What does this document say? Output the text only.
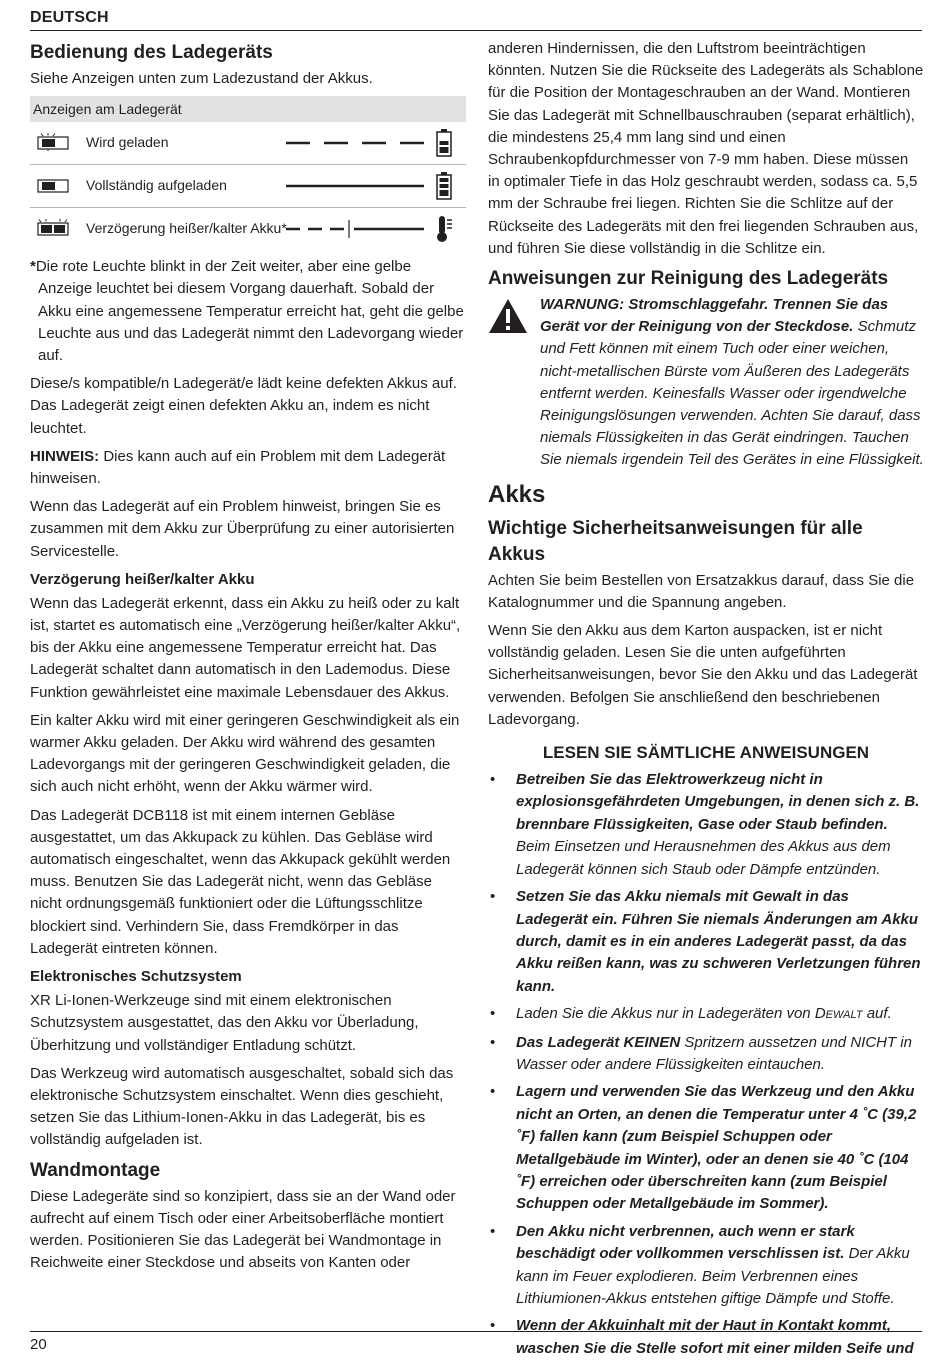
DEUTSCH
Bedienung des Ladegeräts

Siehe Anzeigen unten zum Ladezustand der Akkus.

Anzeigen am Ladegerät
Wird geladen
Vollständig aufgeladen
Verzögerung heißer/kalter Akku*
*Die rote Leuchte blinkt in der Zeit weiter, aber eine gelbe Anzeige leuchtet bei diesem Vorgang dauerhaft. Sobald der Akku eine angemessene Temperatur erreicht hat, geht die gelbe Leuchte aus und das Ladegerät nimmt den Ladevorgang wieder auf.

Diese/s kompatible/n Ladegerät/e lädt keine defekten Akkus auf. Das Ladegerät zeigt einen defekten Akku an, indem es nicht leuchtet.

HINWEIS: Dies kann auch auf ein Problem mit dem Ladegerät hinweisen.

Wenn das Ladegerät auf ein Problem hinweist, bringen Sie es zusammen mit dem Akku zur Überprüfung zu einer autorisierten Servicestelle.

Verzögerung heißer/kalter Akku

Wenn das Ladegerät erkennt, dass ein Akku zu heiß oder zu kalt ist, startet es automatisch eine „Verzögerung heißer/kalter Akku“, bis der Akku eine angemessene Temperatur erreicht hat. Das Ladegerät schaltet dann automatisch in den Lademodus. Diese Funktion gewährleistet eine maximale Lebensdauer des Akkus.

Ein kalter Akku wird mit einer geringeren Geschwindigkeit als ein warmer Akku geladen. Der Akku wird während des gesamten Ladevorgangs mit der geringeren Geschwindigkeit geladen, die sich auch nicht erhöht, wenn der Akku wärmer wird.

Das Ladegerät DCB118 ist mit einem internen Gebläse ausgestattet, um das Akkupack zu kühlen. Das Gebläse wird automatisch eingeschaltet, wenn das Akkupack gekühlt werden muss. Benutzen Sie das Ladegerät nicht, wenn das Gebläse nicht ordnungsgemäß funktioniert oder die Lüftungsschlitze blockiert sind. Verhindern Sie, dass Fremdkörper in das Ladegerät eintreten können.

Elektronisches Schutzsystem

XR Li-Ionen-Werkzeuge sind mit einem elektronischen Schutzsystem ausgestattet, das den Akku vor Überladung, Überhitzung und vollständiger Entladung schützt.

Das Werkzeug wird automatisch ausgeschaltet, sobald sich das elektronische Schutzsystem einschaltet. Wenn dies geschieht, setzen Sie das Lithium-Ionen-Akku in das Ladegerät, bis es vollständig aufgeladen ist.

Wandmontage

Diese Ladegeräte sind so konzipiert, dass sie an der Wand oder aufrecht auf einem Tisch oder einer Arbeitsoberfläche montiert werden. Positionieren Sie das Ladegerät bei Wandmontage in Reichweite einer Steckdose und abseits von Kanten oder

anderen Hindernissen, die den Luftstrom beeinträchtigen könnten. Nutzen Sie die Rückseite des Ladegeräts als Schablone für die Position der Montageschrauben an der Wand. Montieren Sie das Ladegerät mit Schnellbauschrauben (separat erhältlich), die mindestens 25,4 mm lang sind und einen Schraubenkopfdurchmesser von 7-9 mm haben. Diese müssen in optimaler Tiefe in das Holz geschraubt werden, sodass ca. 5,5 mm der Schraube frei liegen. Richten Sie die Schlitze auf der Rückseite des Ladegeräts mit den frei liegenden Schrauben aus, und führen Sie diese vollständig in die Schlitze ein.

Anweisungen zur Reinigung des Ladegeräts
WARNUNG: Stromschlaggefahr. Trennen Sie das Gerät vor der Reinigung von der Steckdose. Schmutz und Fett können mit einem Tuch oder einer weichen, nicht-metallischen Bürste vom Äußeren des Ladegeräts entfernt werden. Keinesfalls Wasser oder irgendwelche Reinigungslösungen verwenden. Achten Sie darauf, dass niemals Flüssigkeiten in das Gerät eindringen. Tauchen Sie niemals irgendein Teil des Gerätes in eine Flüssigkeit.
Akks
Wichtige Sicherheitsanweisungen für alle Akkus

Achten Sie beim Bestellen von Ersatzakkus darauf, dass Sie die Katalognummer und die Spannung angeben.

Wenn Sie den Akku aus dem Karton auspacken, ist er nicht vollständig geladen. Lesen Sie die unten aufgeführten Sicherheitsanweisungen, bevor Sie den Akku und das Ladegerät verwenden. Befolgen Sie anschließend den beschriebenen Ladevorgang.

LESEN SIE SÄMTLICHE ANWEISUNGEN
• Betreiben Sie das Elektrowerkzeug nicht in explosionsgefährdeten Umgebungen, in denen sich z. B. brennbare Flüssigkeiten, Gase oder Staub befinden. Beim Einsetzen und Herausnehmen des Akkus aus dem Ladegerät können sich Staub oder Dämpfe entzünden.
• Setzen Sie das Akku niemals mit Gewalt in das Ladegerät ein. Führen Sie niemals Änderungen am Akku durch, damit es in ein anderes Ladegerät passt, da das Akku reißen kann, was zu schweren Verletzungen führen kann.
• Laden Sie die Akkus nur in Ladegeräten von DEWALT auf.
• Das Ladegerät KEINEN Spritzern aussetzen und NICHT in Wasser oder andere Flüssigkeiten eintauchen.
• Lagern und verwenden Sie das Werkzeug und den Akku nicht an Orten, an denen die Temperatur unter 4 ˚C (39,2 ˚F) fallen kann (zum Beispiel Schuppen oder Metallgebäude im Winter), oder an denen sie 40 ˚C (104 ˚F) erreichen oder überschreiten kann (zum Beispiel Schuppen oder Metallgebäude im Sommer).
• Den Akku nicht verbrennen, auch wenn er stark beschädigt oder vollkommen verschlissen ist. Der Akku kann im Feuer explodieren. Beim Verbrennen eines Lithiumionen-Akkus entstehen giftige Dämpfe und Stoffe.
• Wenn der Akkuinhalt mit der Haut in Kontakt kommt, waschen Sie die Stelle sofort mit einer milden Seife und
20
